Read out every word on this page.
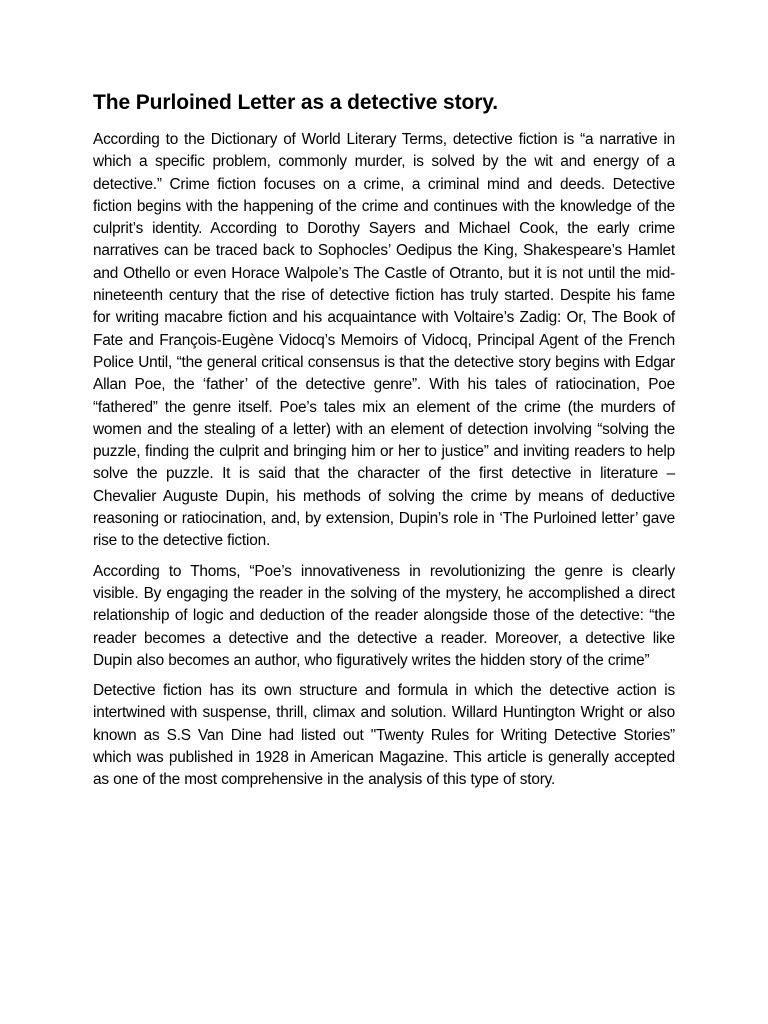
The Purloined Letter as a detective story.

According to the Dictionary of World Literary Terms, detective fiction is “a narrative in which a specific problem, commonly murder, is solved by the wit and energy of a detective.” Crime fiction focuses on a crime, a criminal mind and deeds. Detective fiction begins with the happening of the crime and continues with the knowledge of the culprit’s identity. According to Dorothy Sayers and Michael Cook, the early crime narratives can be traced back to Sophocles’ Oedipus the King, Shakespeare’s Hamlet and Othello or even Horace Walpole’s The Castle of Otranto, but it is not until the mid-nineteenth century that the rise of detective fiction has truly started. Despite his fame for writing macabre fiction and his acquaintance with Voltaire’s Zadig: Or, The Book of Fate and François-Eugène Vidocq’s Memoirs of Vidocq, Principal Agent of the French Police Until, “the general critical consensus is that the detective story begins with Edgar Allan Poe, the ‘father’ of the detective genre”. With his tales of ratiocination, Poe “fathered” the genre itself. Poe’s tales mix an element of the crime (the murders of women and the stealing of a letter) with an element of detection involving “solving the puzzle, finding the culprit and bringing him or her to justice” and inviting readers to help solve the puzzle. It is said that the character of the first detective in literature – Chevalier Auguste Dupin, his methods of solving the crime by means of deductive reasoning or ratiocination, and, by extension, Dupin’s role in ‘The Purloined letter’ gave rise to the detective fiction.

According to Thoms, “Poe’s innovativeness in revolutionizing the genre is clearly visible. By engaging the reader in the solving of the mystery, he accomplished a direct relationship of logic and deduction of the reader alongside those of the detective: “the reader becomes a detective and the detective a reader. Moreover, a detective like Dupin also becomes an author, who figuratively writes the hidden story of the crime”

Detective fiction has its own structure and formula in which the detective action is intertwined with suspense, thrill, climax and solution. Willard Huntington Wright or also known as S.S Van Dine had listed out "Twenty Rules for Writing Detective Stories” which was published in 1928 in American Magazine. This article is generally accepted as one of the most comprehensive in the analysis of this type of story.
